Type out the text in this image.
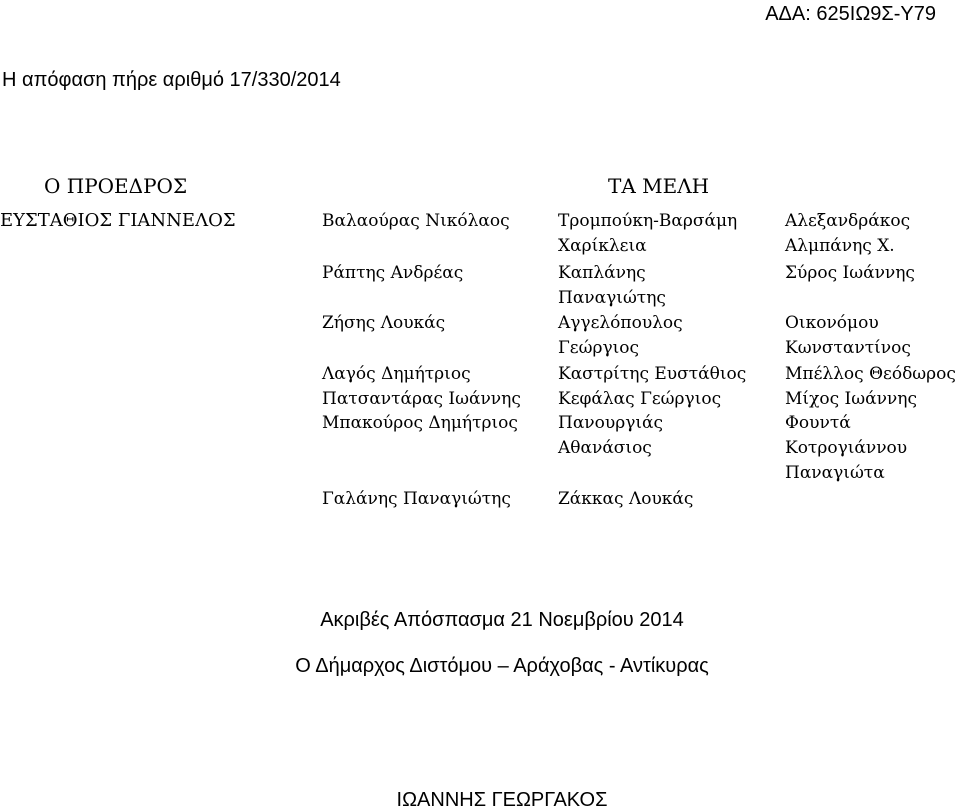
ΑΔΑ: 625ΙΩ9Σ-Υ79
Η απόφαση πήρε αριθμό 17/330/2014
Ο ΠΡΟΕΔΡΟΣ	ΤΑ ΜΕΛΗ
ΕΥΣΤΑΘΙΟΣ ΓΙΑΝΝΕΛΟΣ	Βαλαούρας Νικόλαος
Ράπτης Ανδρέας
Ζήσης Λουκάς
Λαγός Δημήτριος
Πατσαντάρας Ιωάννης
Μπακούρος Δημήτριος
Γαλάνης Παναγιώτης
Τρομπούκη-Βαρσάμη
Χαρίκλεια
Καπλάνης
Παναγιώτης
Αγγελόπουλος
Γεώργιος
Καστρίτης Ευστάθιος
Κεφάλας Γεώργιος
Πανουργιάς
Αθανάσιος
Ζάκκας Λουκάς
Αλεξανδράκος
Αλμπάνης Χ.
Σύρος Ιωάννης
Οικονόμου
Κωνσταντίνος
Μπέλλος Θεόδωρος
Μίχος Ιωάννης
Φουντά
Κοτρογιάννου
Παναγιώτα
Ακριβές Απόσπασμα 21 Νοεμβρίου 2014
Ο Δήμαρχος Διστόμου – Αράχοβας - Αντίκυρας
ΙΩΑΝΝΗΣ ΓΕΩΡΓΑΚΟΣ
